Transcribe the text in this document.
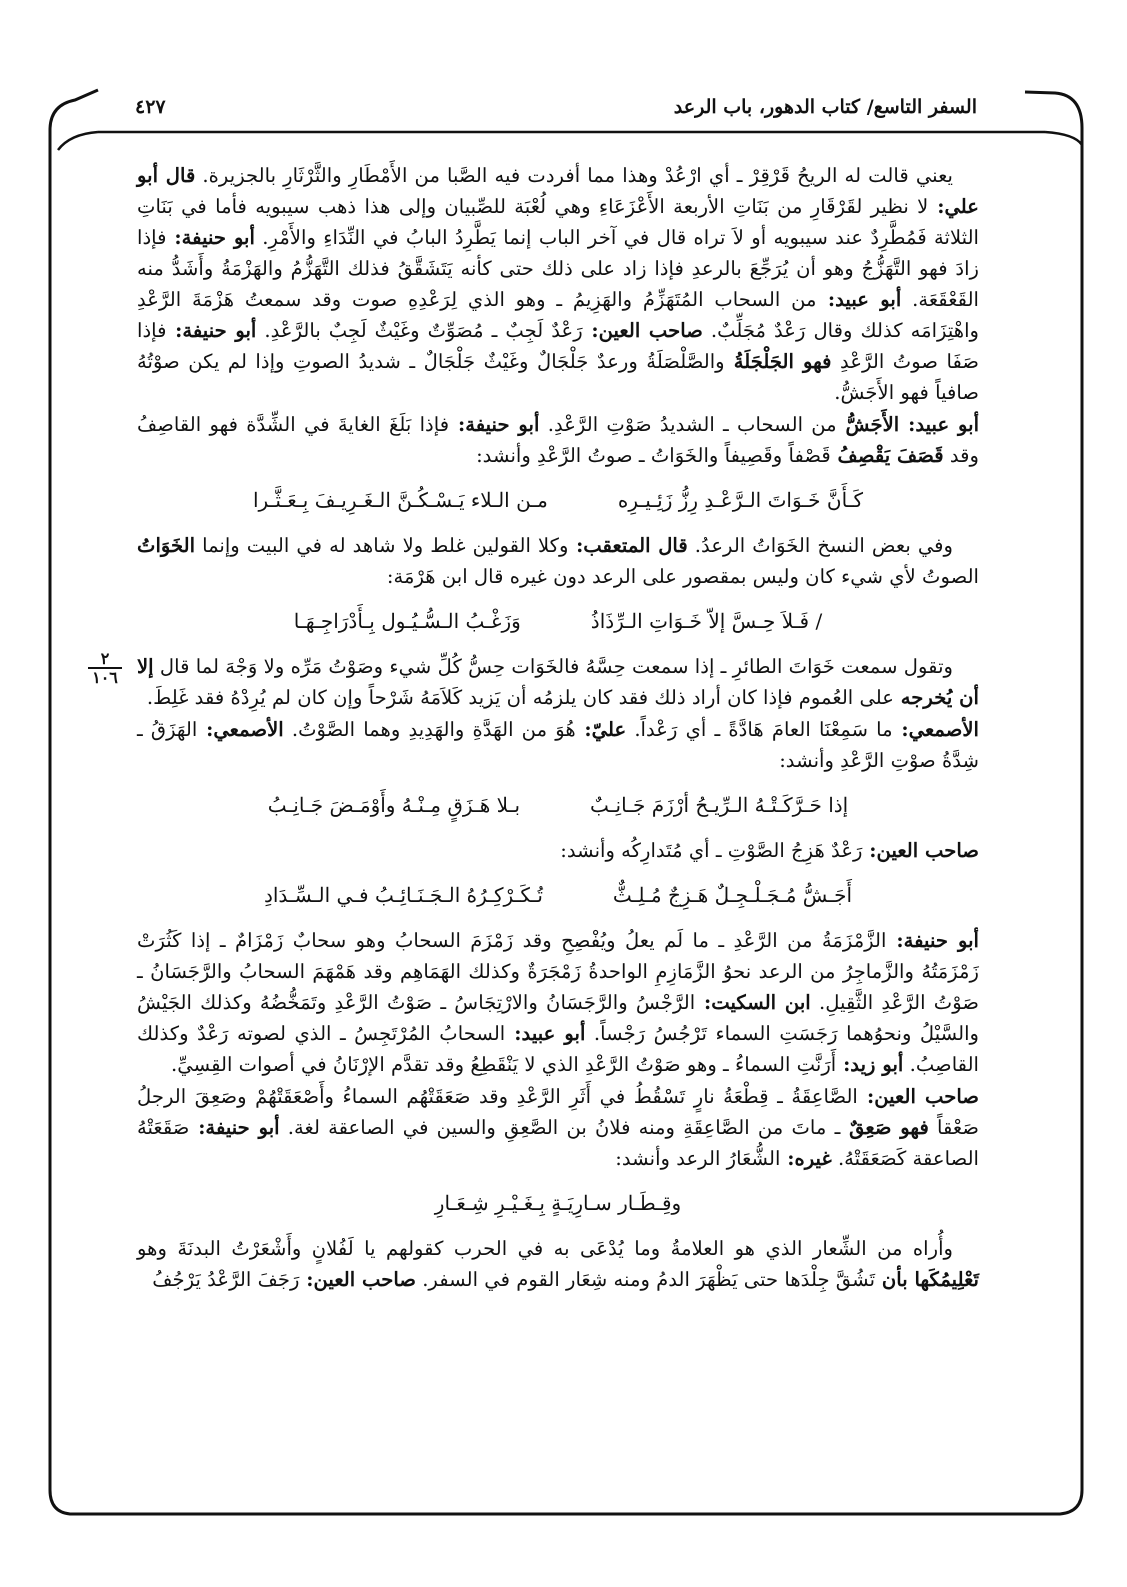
السفر التاسع/ كتاب الدهور، باب الرعد
٤٢٧
٢
١٠٦

يعني قالت له الريحُ قَرْقِرْ ـ أي ارْعُدْ وهذا مما أفردت فيه الصَّبا من الأَمْطَارِ والثَّرْثَارِ بالجزيرة. قال أبو علي: لا نظير لقَرْقَارِ من بَنَاتِ الأربعة الأَعْزَعَاءِ وهي لُعْبَة للصِّبيان وإلى هذا ذهب سيبويه فأما في بَنَاتِ الثلاثة فَمُطَّرِدٌ عند سيبويه أو لاَ تراه قال في آخر الباب إنما يَطَّرِدُ البابُ في النِّدَاءِ والأَمْرِ. أبو حنيفة: فإذا زادَ فهو التَّهَزُّجُ وهو أن يُرَجِّعَ بالرعدِ فإذا زاد على ذلك حتى كأنه يَتَشَقَّقُ فذلك التَّهَزُّمُ والهَزْمَةُ وأَشَدُّ منه القَعْقَعَة. أبو عبيد: من السحاب المُتَهَزِّمُ والهَزِيمُ ـ وهو الذي لِرَعْدِهِ صوت وقد سمعتُ هَزْمَةَ الرَّعْدِ واهْتِزَامَه كذلك وقال رَعْدٌ مُجَلِّبٌ. صاحب العين: رَعْدٌ لَجِبٌ ـ مُصَوِّتٌ وغَيْثٌ لَجِبٌ بالرَّعْدِ. أبو حنيفة: فإذا صَفَا صوتُ الرَّعْدِ فهو الجَلْجَلَةُ والصَّلْصَلَةُ ورعدٌ جَلْجَالٌ وغَيْثٌ جَلْجَالٌ ـ شديدُ الصوتِ وإذا لم يكن صوْتُهُ صافياً فهو الأَجَشُّ.

أبو عبيد: الأَجَشُّ من السحاب ـ الشديدُ صَوْتِ الرَّعْدِ. أبو حنيفة: فإذا بَلَغَ الغايةَ في الشِّدَّة فهو القاصِفُ وقد قَصَفَ يَقْصِفُ قَصْفاً وقَصِيفاً والخَوَاتُ ـ صوتُ الرَّعْدِ وأنشد:

كَـأَنَّ خَـوَاتَ الـرَّعْـدِ رِزُّ زَئِـيـرِه
مـن الـلاء يَـسْـكُـنَّ الـغَـرِيـفَ بِـعَـثَّـرا

وفي بعض النسخ الخَوَاتُ الرعدُ. قال المتعقب: وكلا القولين غلط ولا شاهد له في البيت وإنما الخَوَاتُ الصوتُ لأي شيء كان وليس بمقصور على الرعد دون غيره قال ابن هَرْمَة:

/ فَـلاَ حِـسَّ إلاّ خَـوَاتِ الـرِّذَاذُ
وَزَغْـبُ الـسُّـيُـول بِـأَدْرَاجِـهَـا

وتقول سمعت خَوَاتَ الطائرِ ـ إذا سمعت حِسَّهُ فالخَوَات حِسُّ كُلِّ شيء وصَوْتُ مَرِّه ولا وَجْهَ لما قال إلا أن يُخرجه على العُموم فإذا كان أراد ذلك فقد كان يلزمُه أن يَزيد كَلاَمَهُ شَرْحاً وإن كان لم يُرِدْهُ فقد غَلِطَ.

الأصمعي: ما سَمِعْنَا العامَ هَادَّةً ـ أي رَعْداً. عليّ: هُوَ من الهَدَّةِ والهَدِيدِ وهما الصَّوْتُ. الأصمعي: الهَزَقُ ـ شِدَّةُ صوْتِ الرَّعْدِ وأنشد:

إذا حَـرَّكَـتْـهُ الـرِّيـحُ أرْزَمَ جَـانِـبٌ
بـلا هَـزَقٍ مِـنْـهُ وأَوْمَـضَ جَـانِـبُ

صاحب العين: رَعْدٌ هَزِجُ الصَّوْتِ ـ أي مُتَدارِكُه وأنشد:

أَجَـشُّ مُـجَـلْـجِـلٌ هَـزِجٌ مُـلِـثٌّ
تُـكَـرْكِـرُهُ الـجَـنَـائِـبُ فـي الـسِّـدَادِ

أبو حنيفة: الزَّمْزَمَةُ من الرَّعْدِ ـ ما لَم يعلُ ويُفْصِحِ وقد زَمْزَمَ السحابُ وهو سحابٌ زَمْزَامٌ ـ إذا كَثُرَتْ زَمْزَمَتُهُ والزَّماجِرُ من الرعد نحوُ الزَّمَازِمِ الواحدةُ زَمْجَرَةٌ وكذلك الهَمَاهِم وقد هَمْهَمَ السحابُ والرَّجَسَانُ ـ صَوْتُ الرَّعْدِ الثَّقِيلِ. ابن السكيت: الرَّجْسُ والرَّجَسَانُ والارْتِجَاسُ ـ صَوْتُ الرَّعْدِ وتَمَخُّضُهُ وكذلك الجَيْشُ والسَّيْلُ ونحوُهما رَجَسَتِ السماء تَرْجُسُ رَجْساً. أبو عبيد: السحابُ المُرْتَجِسُ ـ الذي لصوته رَعْدٌ وكذلك القاصِبُ. أبو زيد: أَرَنَّتِ السماءُ ـ وهو صَوْتُ الرَّعْدِ الذي لا يَنْقَطِعُ وقد تقدَّم الإرْنَانُ في أصوات القِسِيِّ.

صاحب العين: الصَّاعِقَةُ ـ قِطْعَةُ نارٍ تَسْقُطُ في أَثَرِ الرَّعْدِ وقد صَعَقَتْهُم السماءُ وأَصْعَقَتْهُمْ وصَعِقَ الرجلُ صَعْقاً فهو صَعِقٌ ـ ماتَ من الصَّاعِقَةِ ومنه فلانُ بن الصَّعِقِ والسين في الصاعقة لغة. أبو حنيفة: صَقَعَتْهُ الصاعقة كَصَعَقَتْهُ. غيره: الشُّعَارُ الرعد وأنشد:

وقِـطَـار سـارِيَـةٍ بِـغَـيْـرِ شِـعَـارِ

وأُراه من الشِّعار الذي هو العلامةُ وما يُدْعَى به في الحرب كقولهم يا لَفُلانٍ وأَشْعَرْتُ البدنَةَ وهو تَعْلِيمُكَها بأن تَشُقَّ جِلْدَها حتى يَظْهَرَ الدمُ ومنه شِعَار القوم في السفر. صاحب العين: رَجَفَ الرَّعْدُ يَرْجُفُ
